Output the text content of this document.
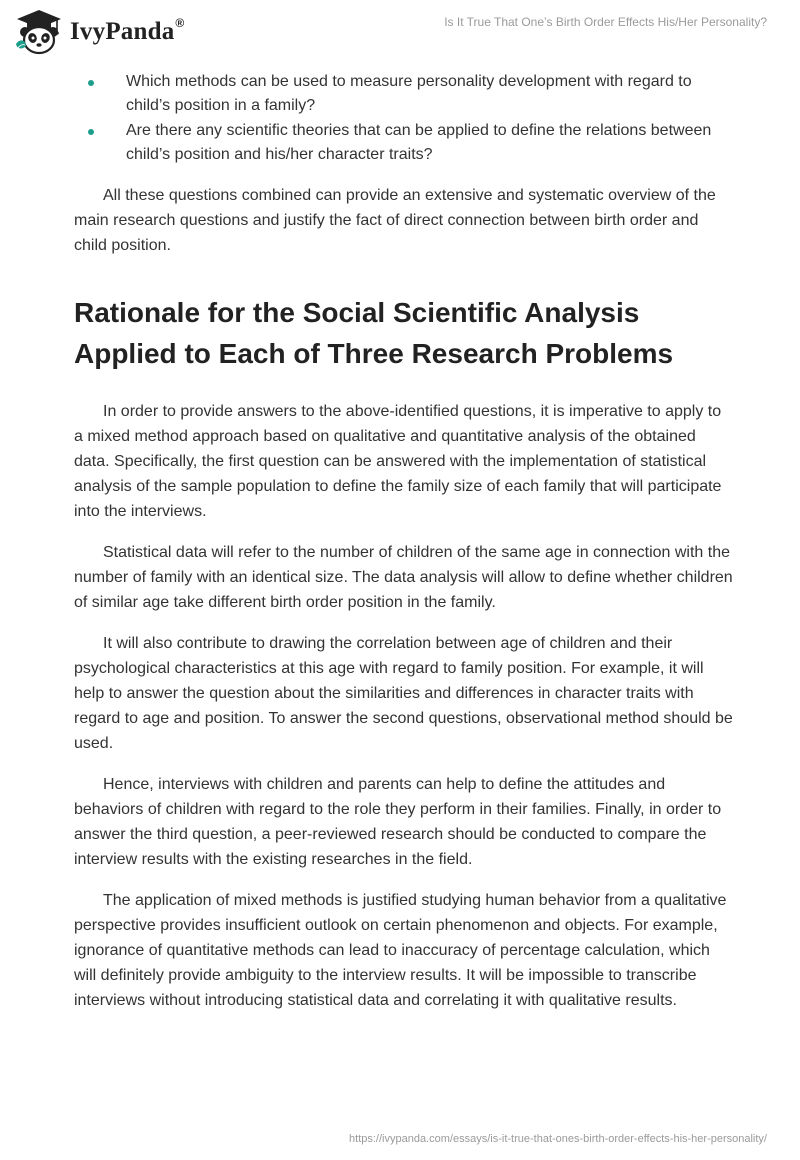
IvyPanda ®	Is It True That One’s Birth Order Effects His/Her Personality?
Which methods can be used to measure personality development with regard to child’s position in a family?
Are there any scientific theories that can be applied to define the relations between child’s position and his/her character traits?

All these questions combined can provide an extensive and systematic overview of the main research questions and justify the fact of direct connection between birth order and child position.

Rationale for the Social Scientific Analysis Applied to Each of Three Research Problems

In order to provide answers to the above-identified questions, it is imperative to apply to a mixed method approach based on qualitative and quantitative analysis of the obtained data. Specifically, the first question can be answered with the implementation of statistical analysis of the sample population to define the family size of each family that will participate into the interviews.

Statistical data will refer to the number of children of the same age in connection with the number of family with an identical size. The data analysis will allow to define whether children of similar age take different birth order position in the family.

It will also contribute to drawing the correlation between age of children and their psychological characteristics at this age with regard to family position. For example, it will help to answer the question about the similarities and differences in character traits with regard to age and position. To answer the second questions, observational method should be used.

Hence, interviews with children and parents can help to define the attitudes and behaviors of children with regard to the role they perform in their families. Finally, in order to answer the third question, a peer-reviewed research should be conducted to compare the interview results with the existing researches in the field.

The application of mixed methods is justified studying human behavior from a qualitative perspective provides insufficient outlook on certain phenomenon and objects. For example, ignorance of quantitative methods can lead to inaccuracy of percentage calculation, which will definitely provide ambiguity to the interview results. It will be impossible to transcribe interviews without introducing statistical data and correlating it with qualitative results.

https://ivypanda.com/essays/is-it-true-that-ones-birth-order-effects-his-her-personality/
